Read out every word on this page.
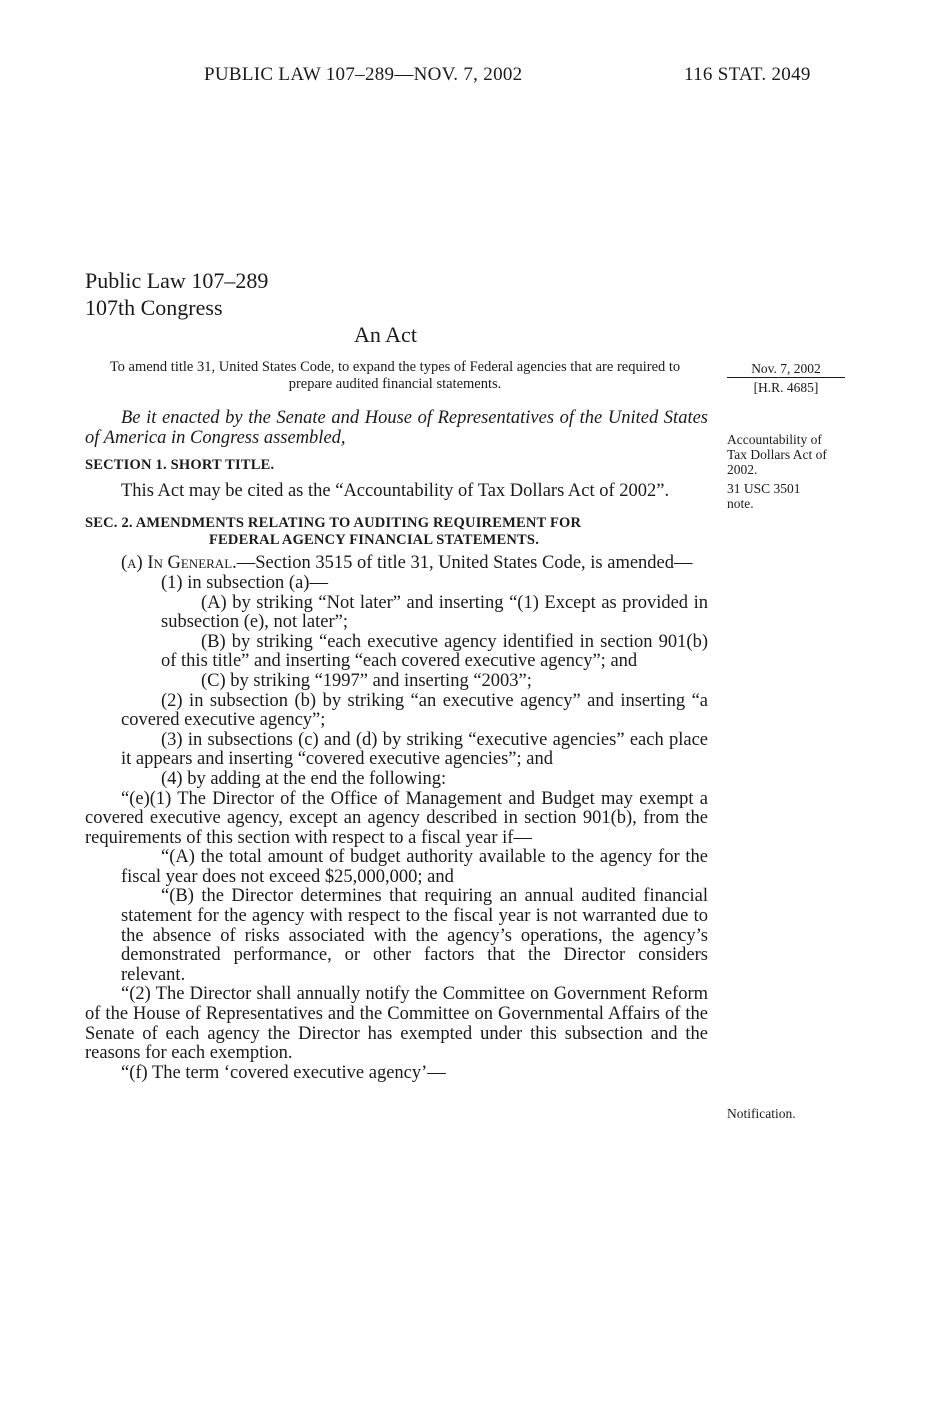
PUBLIC LAW 107–289—NOV. 7, 2002	116 STAT. 2049
Public Law 107–289
107th Congress
An Act
To amend title 31, United States Code, to expand the types of Federal agencies that are required to prepare audited financial statements.
Nov. 7, 2002
[H.R. 4685]
Accountability of Tax Dollars Act of 2002.
31 USC 3501 note.
Notification.

Be it enacted by the Senate and House of Representatives of the United States of America in Congress assembled,

SECTION 1. SHORT TITLE.

This Act may be cited as the “Accountability of Tax Dollars Act of 2002”.

SEC. 2. AMENDMENTS RELATING TO AUDITING REQUIREMENT FOR

FEDERAL AGENCY FINANCIAL STATEMENTS.

(a) In General.—Section 3515 of title 31, United States Code, is amended—

(1) in subsection (a)—

(A) by striking “Not later” and inserting “(1) Except as provided in subsection (e), not later”;

(B) by striking “each executive agency identified in section 901(b) of this title” and inserting “each covered executive agency”; and

(C) by striking “1997” and inserting “2003”;

(2) in subsection (b) by striking “an executive agency” and inserting “a covered executive agency”;

(3) in subsections (c) and (d) by striking “executive agencies” each place it appears and inserting “covered executive agencies”; and

(4) by adding at the end the following:

“(e)(1) The Director of the Office of Management and Budget may exempt a covered executive agency, except an agency described in section 901(b), from the requirements of this section with respect to a fiscal year if—

“(A) the total amount of budget authority available to the agency for the fiscal year does not exceed $25,000,000; and

“(B) the Director determines that requiring an annual audited financial statement for the agency with respect to the fiscal year is not warranted due to the absence of risks associated with the agency’s operations, the agency’s demonstrated performance, or other factors that the Director considers relevant.

“(2) The Director shall annually notify the Committee on Government Reform of the House of Representatives and the Committee on Governmental Affairs of the Senate of each agency the Director has exempted under this subsection and the reasons for each exemption.

“(f) The term ‘covered executive agency’—
